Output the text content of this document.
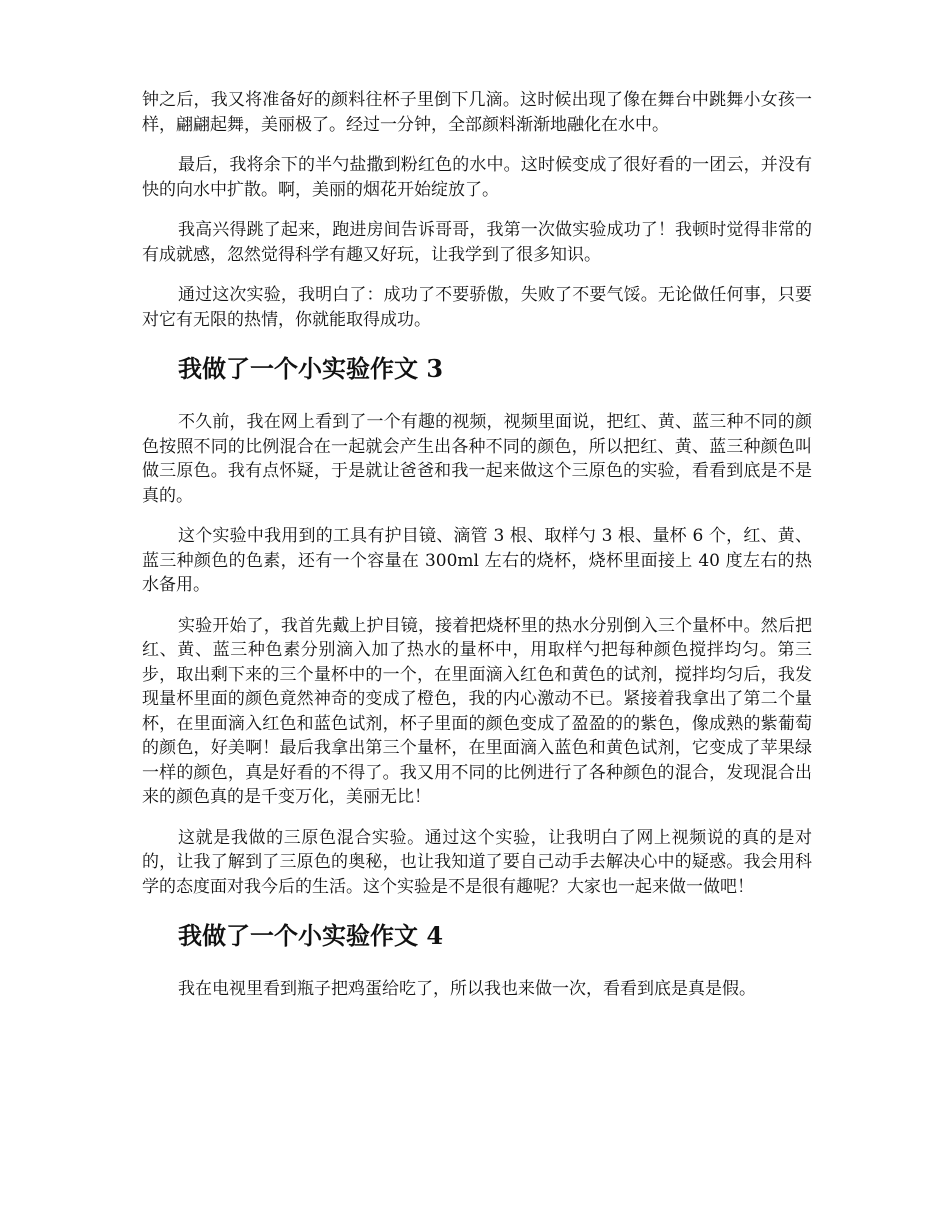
钟之后，我又将准备好的颜料往杯子里倒下几滴。这时候出现了像在舞台中跳舞小女孩一样，翩翩起舞，美丽极了。经过一分钟，全部颜料渐渐地融化在水中。

最后，我将余下的半勺盐撒到粉红色的水中。这时候变成了很好看的一团云，并没有快的向水中扩散。啊，美丽的烟花开始绽放了。

我高兴得跳了起来，跑进房间告诉哥哥，我第一次做实验成功了！我顿时觉得非常的有成就感，忽然觉得科学有趣又好玩，让我学到了很多知识。

通过这次实验，我明白了：成功了不要骄傲，失败了不要气馁。无论做任何事，只要对它有无限的热情，你就能取得成功。

我做了一个小实验作文 3

不久前，我在网上看到了一个有趣的视频，视频里面说，把红、黄、蓝三种不同的颜色按照不同的比例混合在一起就会产生出各种不同的颜色，所以把红、黄、蓝三种颜色叫做三原色。我有点怀疑，于是就让爸爸和我一起来做这个三原色的实验，看看到底是不是真的。

这个实验中我用到的工具有护目镜、滴管 3 根、取样勺 3 根、量杯 6 个，红、黄、蓝三种颜色的色素，还有一个容量在 300ml 左右的烧杯，烧杯里面接上 40 度左右的热水备用。

实验开始了，我首先戴上护目镜，接着把烧杯里的热水分别倒入三个量杯中。然后把红、黄、蓝三种色素分别滴入加了热水的量杯中，用取样勺把每种颜色搅拌均匀。第三步，取出剩下来的三个量杯中的一个，在里面滴入红色和黄色的试剂，搅拌均匀后，我发现量杯里面的颜色竟然神奇的变成了橙色，我的内心激动不已。紧接着我拿出了第二个量杯，在里面滴入红色和蓝色试剂，杯子里面的颜色变成了盈盈的的紫色，像成熟的紫葡萄的颜色，好美啊！最后我拿出第三个量杯，在里面滴入蓝色和黄色试剂，它变成了苹果绿一样的颜色，真是好看的不得了。我又用不同的比例进行了各种颜色的混合，发现混合出来的颜色真的是千变万化，美丽无比！

这就是我做的三原色混合实验。通过这个实验，让我明白了网上视频说的真的是对的，让我了解到了三原色的奥秘，也让我知道了要自己动手去解决心中的疑惑。我会用科学的态度面对我今后的生活。这个实验是不是很有趣呢？大家也一起来做一做吧！

我做了一个小实验作文 4

我在电视里看到瓶子把鸡蛋给吃了，所以我也来做一次，看看到底是真是假。
